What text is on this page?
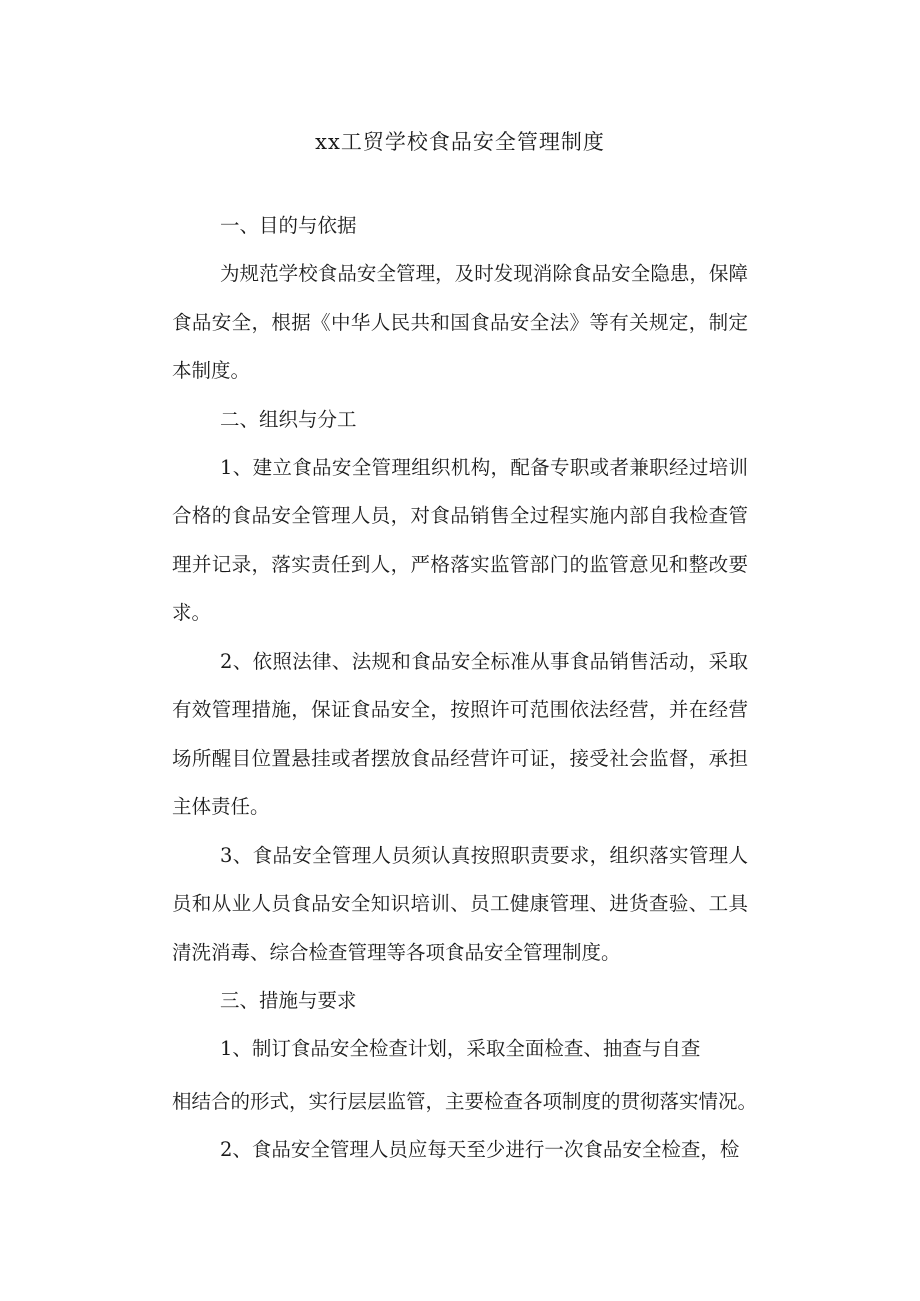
xx工贸学校食品安全管理制度

一、目的与依据

为规范学校食品安全管理，及时发现消除食品安全隐患，保障食品安全，根据《中华人民共和国食品安全法》等有关规定，制定本制度。

二、组织与分工

1、建立食品安全管理组织机构，配备专职或者兼职经过培训合格的食品安全管理人员，对食品销售全过程实施内部自我检查管理并记录，落实责任到人，严格落实监管部门的监管意见和整改要求。

2、依照法律、法规和食品安全标准从事食品销售活动，采取有效管理措施，保证食品安全，按照许可范围依法经营，并在经营场所醒目位置悬挂或者摆放食品经营许可证，接受社会监督，承担主体责任。

3、食品安全管理人员须认真按照职责要求，组织落实管理人员和从业人员食品安全知识培训、员工健康管理、进货查验、工具清洗消毒、综合检查管理等各项食品安全管理制度。

三、措施与要求

1、制订食品安全检查计划，采取全面检查、抽查与自查

相结合的形式，实行层层监管，主要检查各项制度的贯彻落实情况。

2、食品安全管理人员应每天至少进行一次食品安全检查，检
